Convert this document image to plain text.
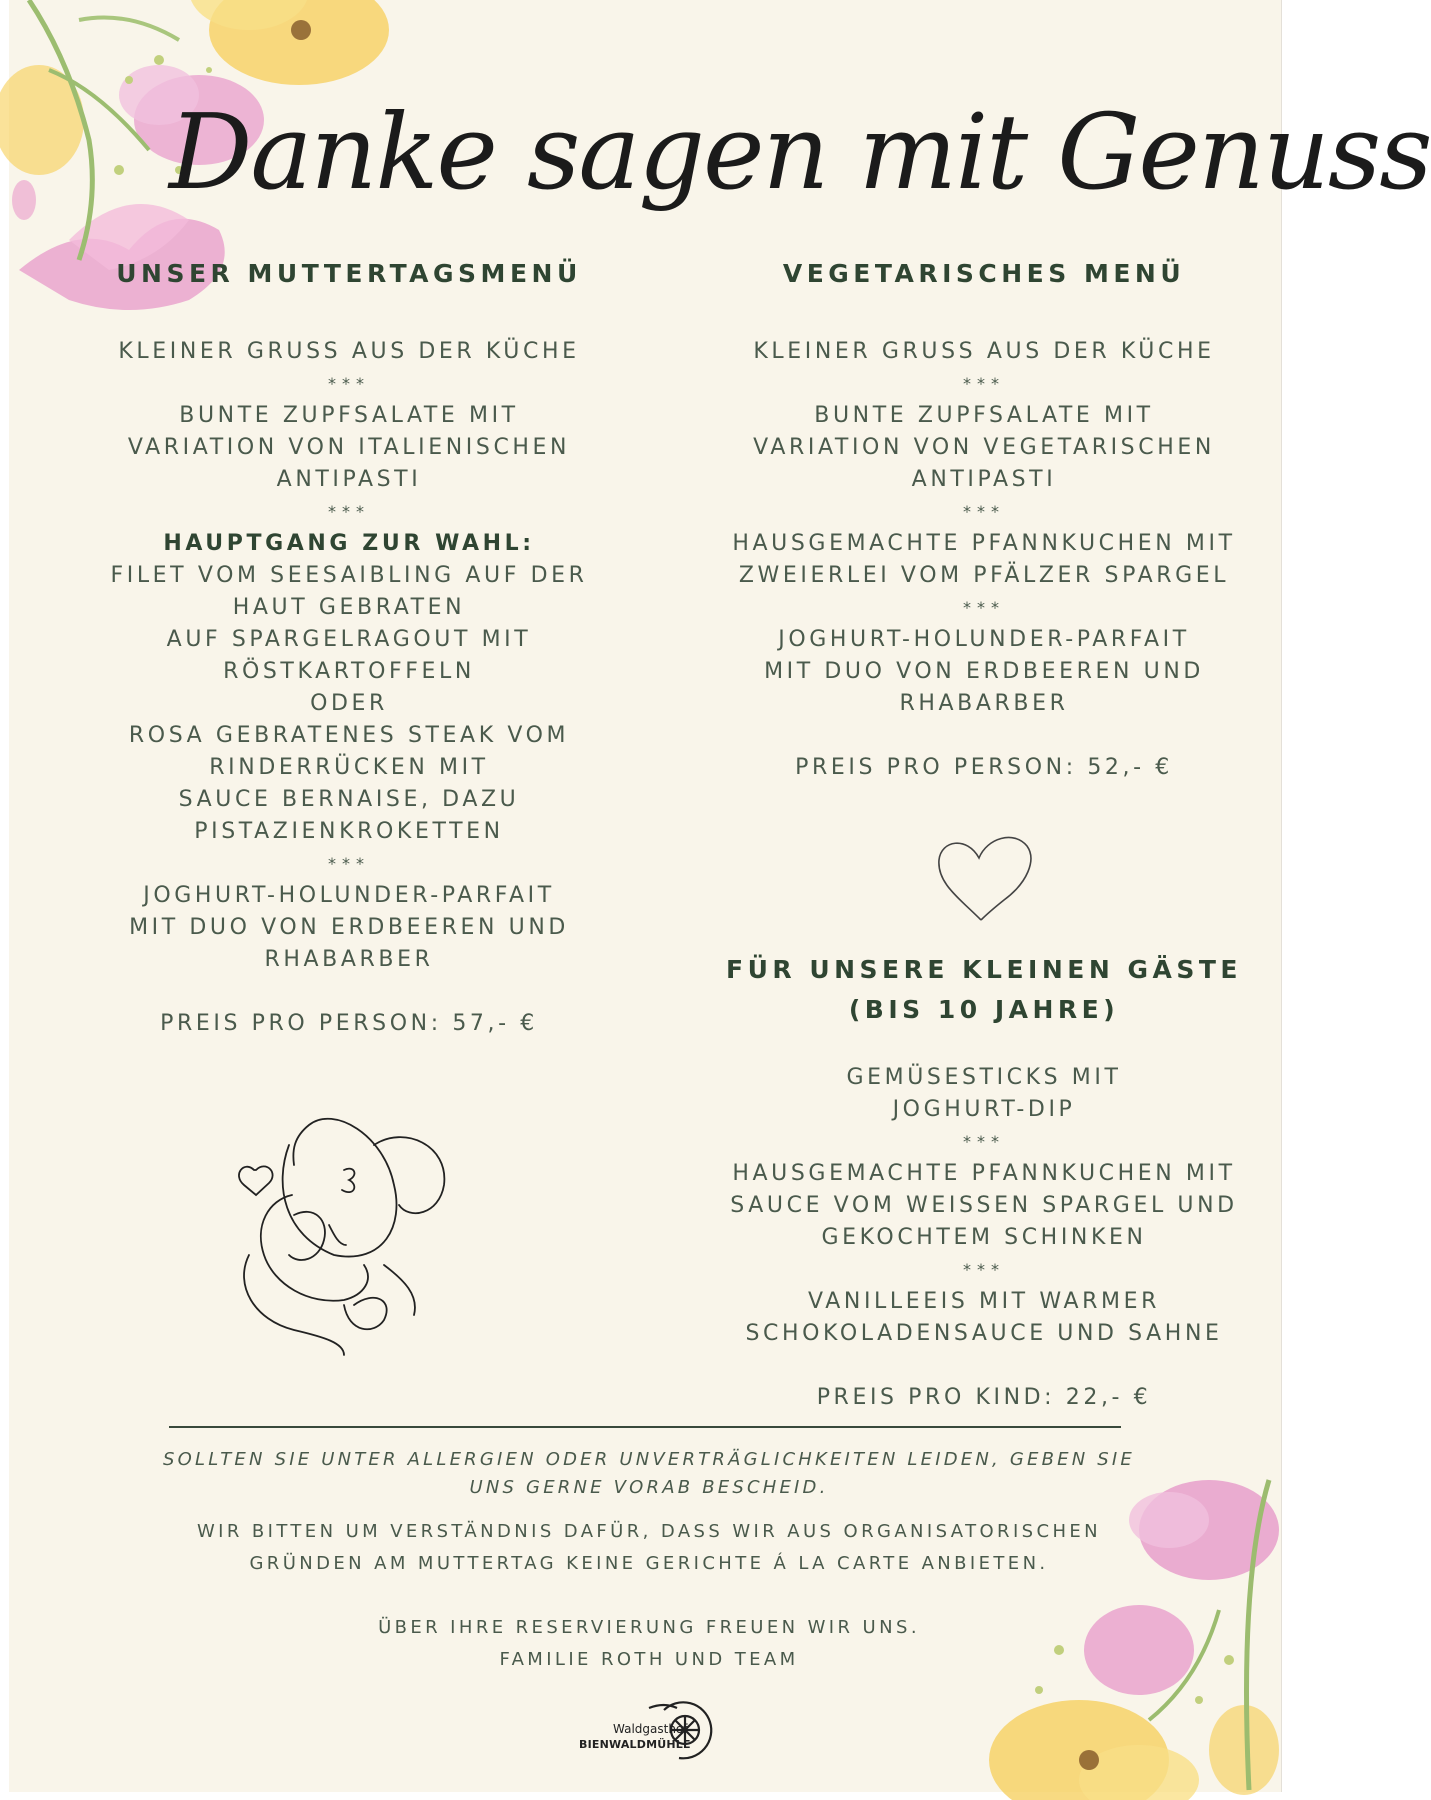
Danke sagen mit Genuss
UNSER MUTTERTAGSMENÜ

KLEINER GRUSS AUS DER KÜCHE

***

BUNTE ZUPFSALATE MIT

VARIATION VON ITALIENISCHEN

ANTIPASTI

***

HAUPTGANG ZUR WAHL:

FILET VOM SEESAIBLING AUF DER

HAUT GEBRATEN

AUF SPARGELRAGOUT MIT

RÖSTKARTOFFELN

ODER

ROSA GEBRATENES STEAK VOM

RINDERRÜCKEN MIT

SAUCE BERNAISE, DAZU

PISTAZIENKROKETTEN

***

JOGHURT-HOLUNDER-PARFAIT

MIT DUO VON ERDBEEREN UND

RHABARBER

PREIS PRO PERSON: 57,- €

VEGETARISCHES MENÜ

KLEINER GRUSS AUS DER KÜCHE

***

BUNTE ZUPFSALATE MIT

VARIATION VON VEGETARISCHEN

ANTIPASTI

***

HAUSGEMACHTE PFANNKUCHEN MIT

ZWEIERLEI VOM PFÄLZER SPARGEL

***

JOGHURT-HOLUNDER-PARFAIT

MIT DUO VON ERDBEEREN UND

RHABARBER

PREIS PRO PERSON: 52,- €

FÜR UNSERE KLEINEN GÄSTE
(BIS 10 JAHRE)

GEMÜSESTICKS MIT

JOGHURT-DIP

***

HAUSGEMACHTE PFANNKUCHEN MIT

SAUCE VOM WEISSEN SPARGEL UND

GEKOCHTEM SCHINKEN

***

VANILLEEIS MIT WARMER

SCHOKOLADENSAUCE UND SAHNE

PREIS PRO KIND: 22,- €

SOLLTEN SIE UNTER ALLERGIEN ODER UNVERTRÄGLICHKEITEN LEIDEN, GEBEN SIE

UNS GERNE VORAB BESCHEID.

WIR BITTEN UM VERSTÄNDNIS DAFÜR, DASS WIR AUS ORGANISATORISCHEN
GRÜNDEN AM MUTTERTAG KEINE GERICHTE Á LA CARTE ANBIETEN.

ÜBER IHRE RESERVIERUNG FREUEN WIR UNS.
FAMILIE ROTH UND TEAM

Waldgasthof
BIENWALDMÜHLE
